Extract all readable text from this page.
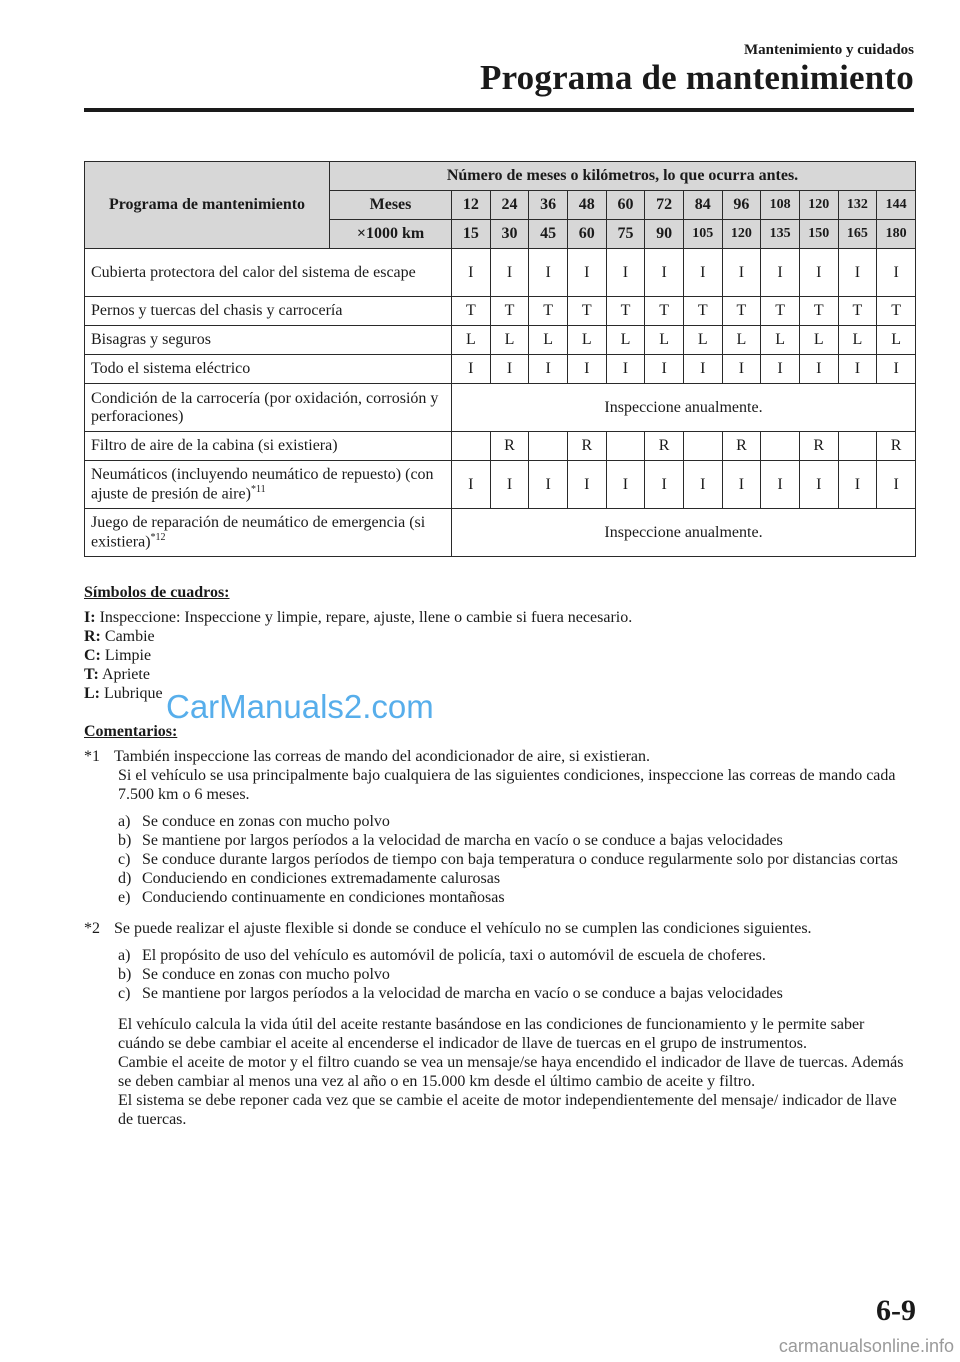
Mantenimiento y cuidados
Programa de mantenimiento
Programa de mantenimiento	Número de meses o kilómetros, lo que ocurra antes.												
	Meses	12	24	36	48	60	72	84	96	108	120	132	144
	×1000 km	15	30	45	60	75	90	105	120	135	150	165	180
Cubierta protectora del calor del sistema de escape		I	I	I	I	I	I	I	I	I	I	I	I
Pernos y tuercas del chasis y carrocería		T	T	T	T	T	T	T	T	T	T	T	T
Bisagras y seguros		L	L	L	L	L	L	L	L	L	L	L	L
Todo el sistema eléctrico		I	I	I	I	I	I	I	I	I	I	I	I
Condición de la carrocería (por oxidación, corrosión y perforaciones)		Inspeccione anualmente.											
Filtro de aire de la cabina (si existiera)			R		R		R		R		R		R
Neumáticos (incluyendo neumático de repuesto) (con ajuste de presión de aire)$^{*11}$		I	I	I	I	I	I	I	I	I	I	I	I
Juego de reparación de neumático de emergencia (si existiera)$^{*12}$		Inspeccione anualmente.											
Símbolos de cuadros:
I: Inspeccione: Inspeccione y limpie, repare, ajuste, llene o cambie si fuera necesario.
R: Cambie
C: Limpie
T: Apriete
L: Lubrique CarManuals2.com
Comentarios:
*1 También inspeccione las correas de mando del acondicionador de aire, si existieran.
Si el vehículo se usa principalmente bajo cualquiera de las siguientes condiciones, inspeccione las correas de mando cada 7.500 km o 6 meses.
a) Se conduce en zonas con mucho polvo
b) Se mantiene por largos períodos a la velocidad de marcha en vacío o se conduce a bajas velocidades
c) Se conduce durante largos períodos de tiempo con baja temperatura o conduce regularmente solo por distancias cortas
d) Conduciendo en condiciones extremadamente calurosas
e) Conduciendo continuamente en condiciones montañosas
*2 Se puede realizar el ajuste flexible si donde se conduce el vehículo no se cumplen las condiciones siguientes.
a) El propósito de uso del vehículo es automóvil de policía, taxi o automóvil de escuela de choferes.
b) Se conduce en zonas con mucho polvo
c) Se mantiene por largos períodos a la velocidad de marcha en vacío o se conduce a bajas velocidades
El vehículo calcula la vida útil del aceite restante basándose en las condiciones de funcionamiento y le permite saber cuándo se debe cambiar el aceite al encenderse el indicador de llave de tuercas en el grupo de instrumentos.
Cambie el aceite de motor y el filtro cuando se vea un mensaje/se haya encendido el indicador de llave de tuercas. Además se deben cambiar al menos una vez al año o en 15.000 km desde el último cambio de aceite y filtro.
El sistema se debe reponer cada vez que se cambie el aceite de motor independientemente del mensaje/ indicador de llave de tuercas.
6-9
carmanualsonline.info
